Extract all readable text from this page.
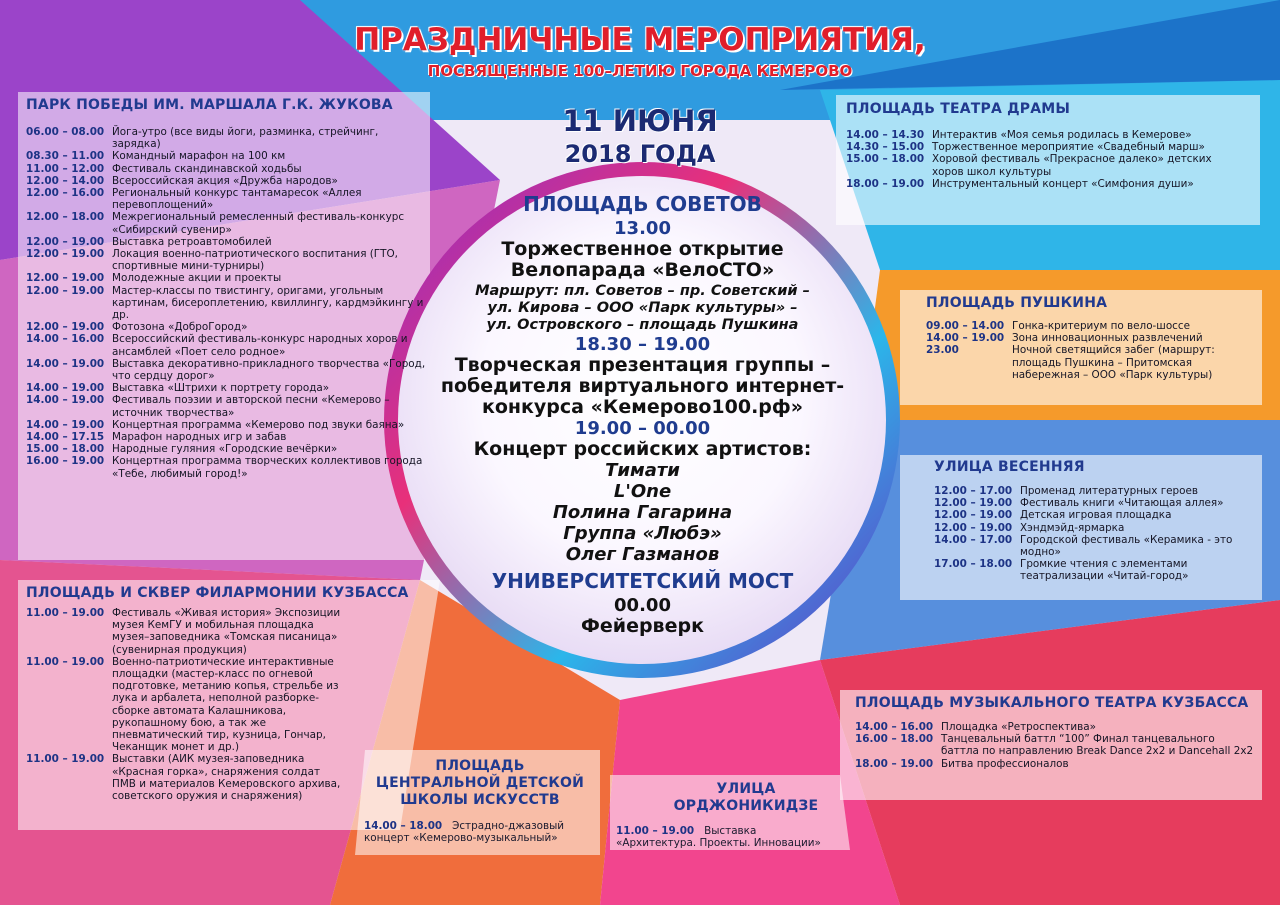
ПРАЗДНИЧНЫЕ МЕРОПРИЯТИЯ,
ПОСВЯЩЕННЫЕ 100–ЛЕТИЮ ГОРОДА КЕМЕРОВО
11 ИЮНЯ
2018 ГОДА
ПАРК ПОБЕДЫ ИМ. МАРШАЛА Г.К. ЖУКОВА
06.00 – 08.00 Йога-утро (все виды йоги, разминка, стрейчинг, зарядка)
08.30 – 11.00 Командный марафон на 100 км
11.00 – 12.00 Фестиваль скандинавской ходьбы
12.00 – 14.00 Всероссийская акция «Дружба народов»
12.00 – 16.00 Региональный конкурс тантамаресок «Аллея перевоплощений»
12.00 – 18.00 Межрегиональный ремесленный фестиваль-конкурс «Сибирский сувенир»
12.00 – 19.00 Выставка ретроавтомобилей
12.00 – 19.00 Локация военно-патриотического воспитания (ГТО, спортивные мини-турниры)
12.00 – 19.00 Молодежные акции и проекты
12.00 – 19.00 Мастер-классы по твистингу, оригами, угольным картинам, бисероплетению, квиллингу, кардмэйкингу и др.
12.00 – 19.00 Фотозона «ДоброГород»
14.00 – 16.00 Всероссийский фестиваль-конкурс народных хоров и ансамблей «Поет село родное»
14.00 – 19.00 Выставка декоративно-прикладного творчества «Город, что сердцу дорог»
14.00 – 19.00 Выставка «Штрихи к портрету города»
14.00 – 19.00 Фестиваль поэзии и авторской песни «Кемерово – источник творчества»
14.00 – 19.00 Концертная программа «Кемерово под звуки баяна»
14.00 – 17.15 Марафон народных игр и забав
15.00 – 18.00 Народные гуляния «Городские вечёрки»
16.00 – 19.00 Концертная программа творческих коллективов города «Тебе, любимый город!»
ПЛОЩАДЬ И СКВЕР ФИЛАРМОНИИ КУЗБАССА
11.00 – 19.00 Фестиваль «Живая история» Экспозиции музея КемГУ и мобильная площадка музея–заповедника «Томская писаница» (сувенирная продукция)
11.00 – 19.00 Военно-патриотические интерактивные площадки (мастер-класс по огневой подготовке, метанию копья, стрельбе из лука и арбалета, неполной разборке-сборке автомата Калашникова, рукопашному бою, а так же пневматический тир, кузница, Гончар, Чеканщик монет и др.)
11.00 – 19.00 Выставки (АИК музея-заповедника «Красная горка», снаряжения солдат ПМВ и материалов Кемеровского архива, советского оружия и снаряжения)
ПЛОЩАДЬ ТЕАТРА ДРАМЫ
14.00 – 14.30 Интерактив «Моя семья родилась в Кемерове»
14.30 – 15.00 Торжественное мероприятие «Свадебный марш»
15.00 – 18.00 Хоровой фестиваль «Прекрасное далеко» детских хоров школ культуры
18.00 – 19.00 Инструментальный концерт «Симфония души»
ПЛОЩАДЬ ПУШКИНА
09.00 – 14.00 Гонка-критериум по вело-шоссе
14.00 – 19.00 Зона инновационных развлечений
23.00	Ночной светящийся забег (маршрут: площадь Пушкина – Притомская набережная – ООО «Парк культуры)
УЛИЦА ВЕСЕННЯЯ
12.00 – 17.00 Променад литературных героев
12.00 – 19.00 Фестиваль книги «Читающая аллея»
12.00 – 19.00 Детская игровая площадка
12.00 – 19.00 Хэндмэйд-ярмарка
14.00 – 17.00 Городской фестиваль «Керамика - это модно»
17.00 – 18.00 Громкие чтения с элементами театрализации «Читай-город»
ПЛОЩАДЬ МУЗЫКАЛЬНОГО ТЕАТРА КУЗБАССА
14.00 – 16.00 Площадка «Ретроспектива»
16.00 – 18.00 Танцевальный баттл “100” Финал танцевального баттла по направлению Break Dance 2x2 и Dancehall 2x2
18.00 – 19.00 Битва профессионалов
ПЛОЩАДЬ
ЦЕНТРАЛЬНОЙ ДЕТСКОЙ
ШКОЛЫ ИСКУССТВ
14.00 – 18.00 Эстрадно-джазовый
концерт «Кемерово-музыкальный»
УЛИЦА
ОРДЖОНИКИДЗЕ
11.00 – 19.00 Выставка
«Архитектура. Проекты. Инновации»
ПЛОЩАДЬ СОВЕТОВ
13.00
Торжественное открытие
Велопарада «ВелоСТО»
Маршрут: пл. Советов – пр. Советский –
ул. Кирова – ООО «Парк культуры» –
ул. Островского – площадь Пушкина
18.30 – 19.00
Творческая презентация группы –
победителя виртуального интернет-
конкурса «Кемерово100.рф»
19.00 – 00.00
Концерт российских артистов:
Тимати
L'One
Полина Гагарина
Группа «Любэ»
Олег Газманов
УНИВЕРСИТЕТСКИЙ МОСТ
00.00
Фейерверк
